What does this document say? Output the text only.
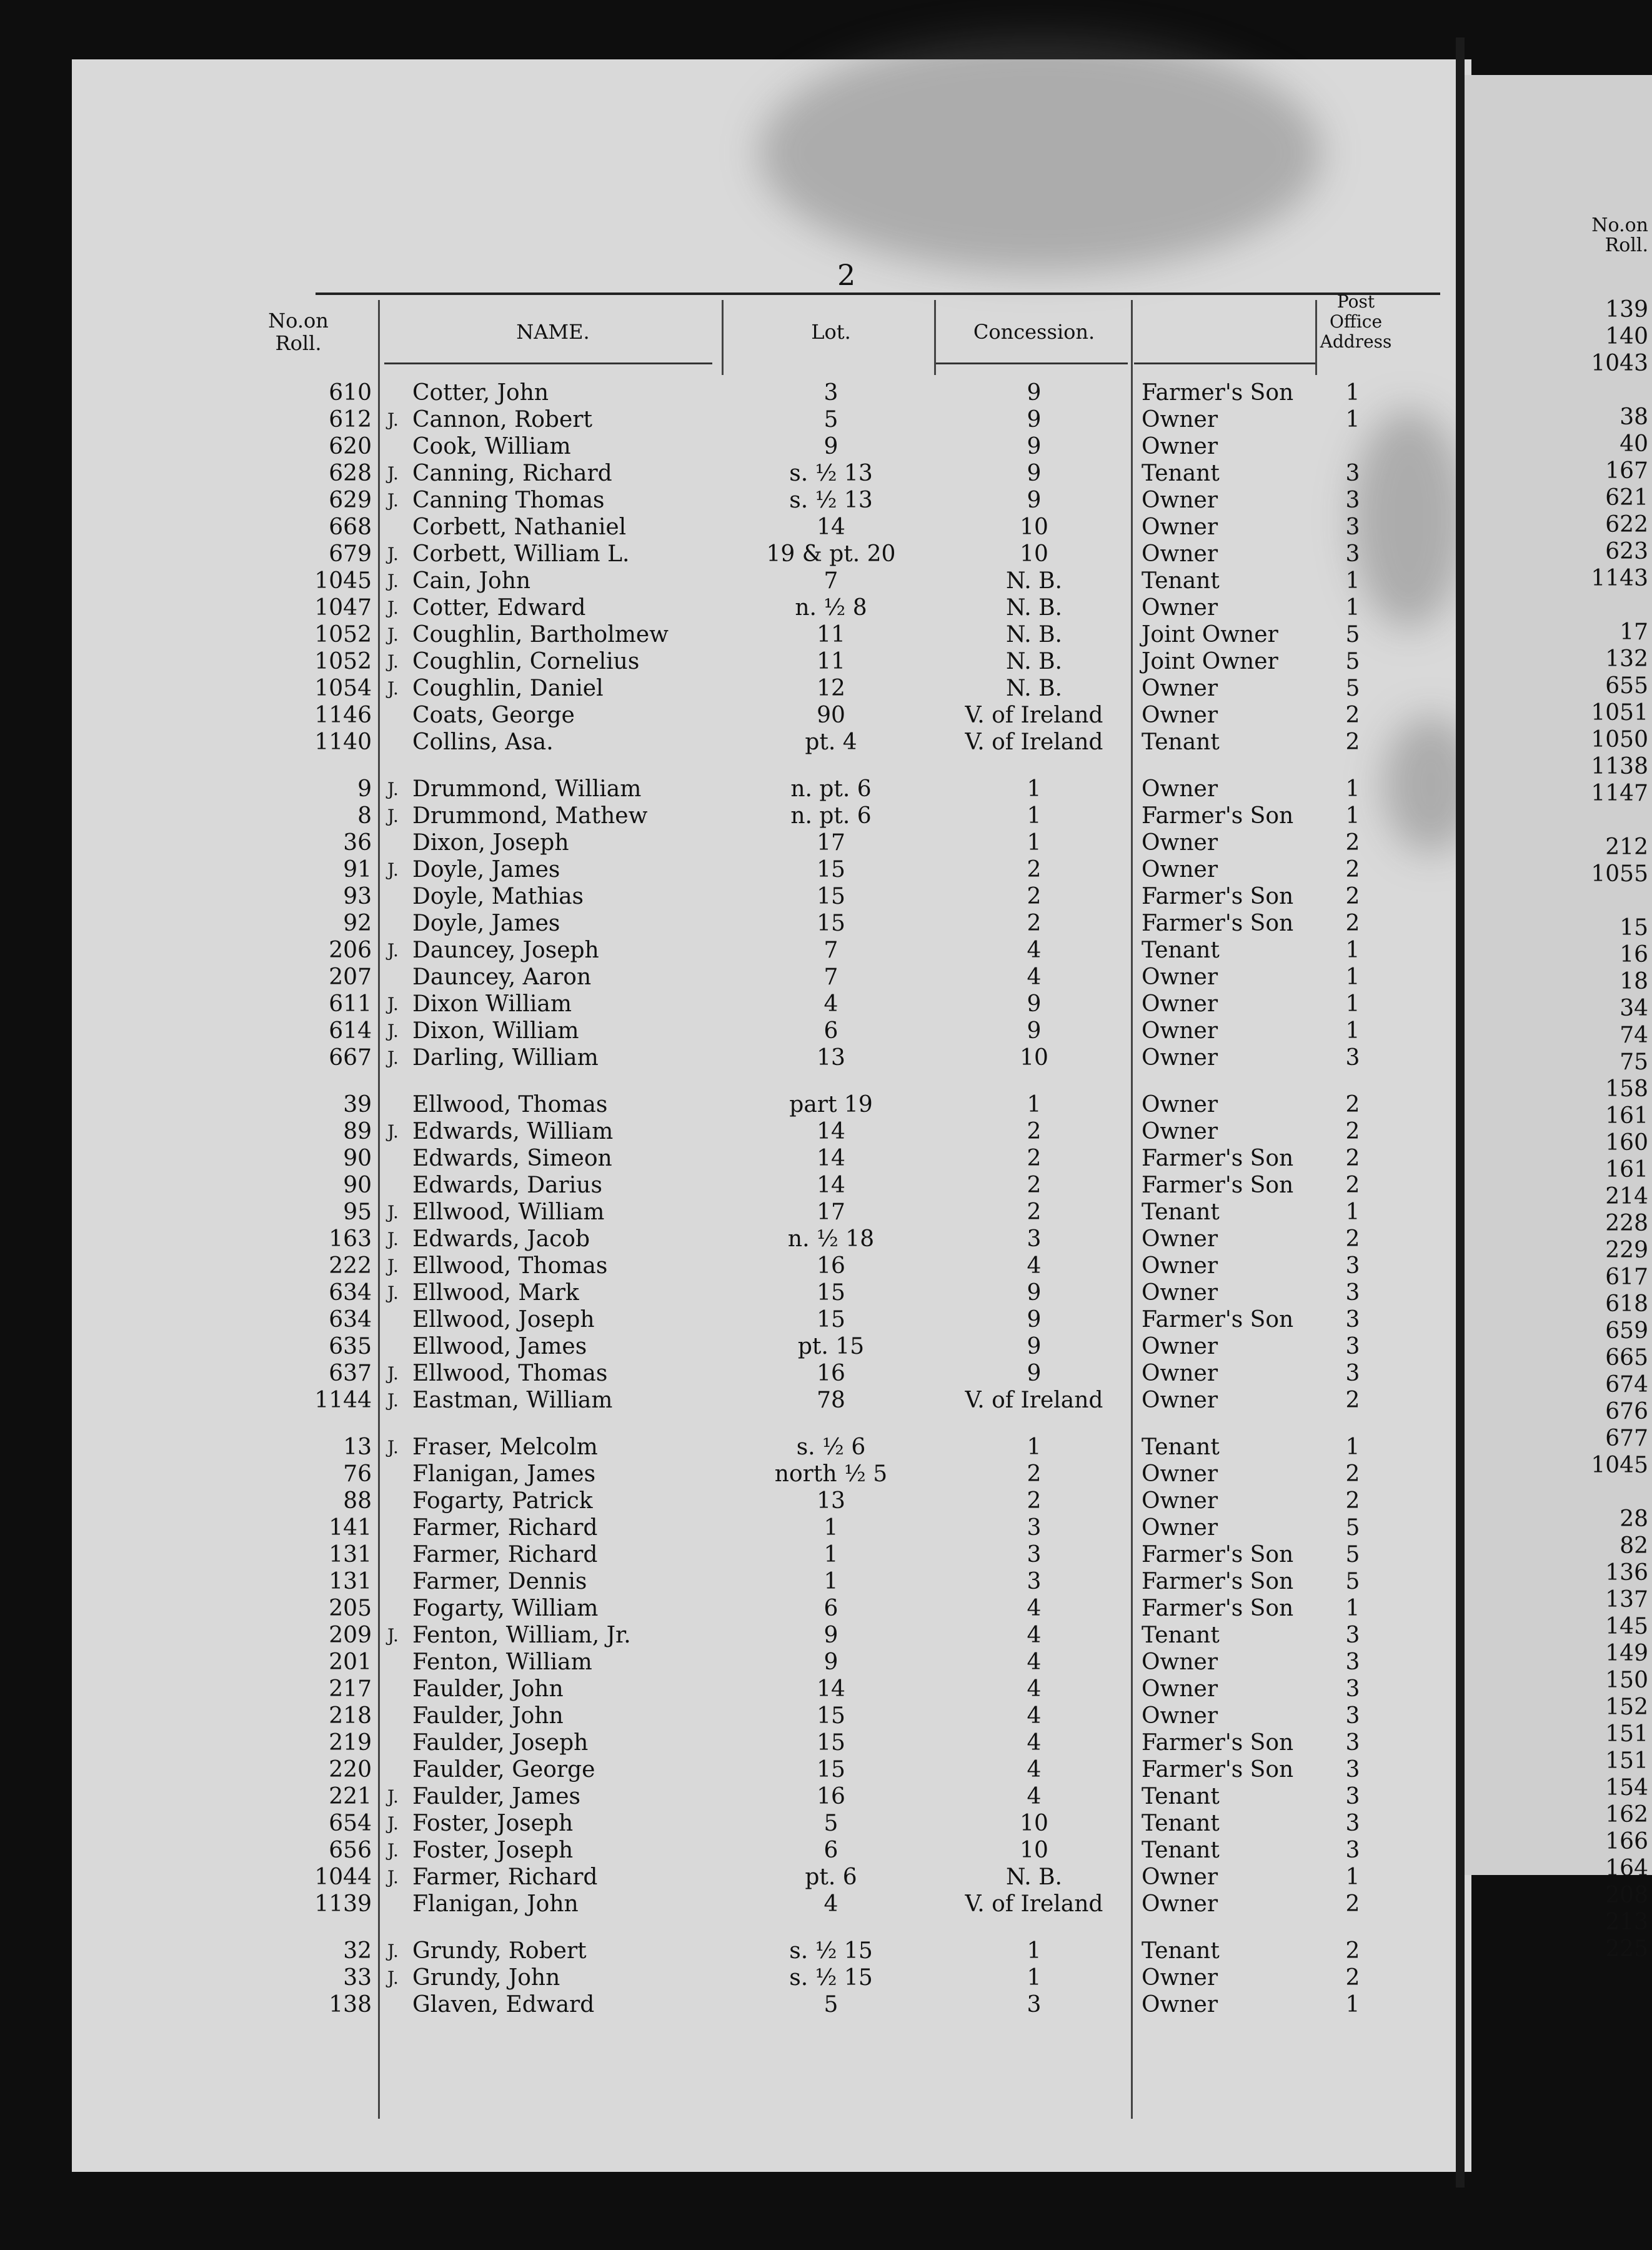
2
No.on
Roll.	NAME.	Lot.	Concession.
Post
Office
Address
610 Cotter, John	3	9	Farmer's Son	1
612 J. Cannon, Robert	5	9	Owner	1
620 Cook, William	9	9	Owner
628 J. Canning, Richard	s. ½ 13	9	Tenant	3
629 J. Canning Thomas	s. ½ 13	9	Owner	3
668 Corbett, Nathaniel	14	10	Owner	3
679 J. Corbett, William L.	19 & pt. 20	10	Owner	3
1045 J. Cain, John	7	N. B.	Tenant	1
1047 J. Cotter, Edward	n. ½ 8	N. B.	Owner	1
1052 J. Coughlin, Bartholmew	11	N. B.	Joint Owner	5
1052 J. Coughlin, Cornelius	11	N. B.	Joint Owner	5
1054 J. Coughlin, Daniel	12	N. B.	Owner	5
1146 Coats, George	90	V. of Ireland	Owner	2
1140 Collins, Asa.	pt. 4	V. of Ireland	Tenant	2
9 J. Drummond, William	n. pt. 6	1	Owner	1
8 J. Drummond, Mathew	n. pt. 6	1	Farmer's Son	1
36 Dixon, Joseph	17	1	Owner	2
91 J. Doyle, James	15	2	Owner	2
93 Doyle, Mathias	15	2	Farmer's Son	2
92 Doyle, James	15	2	Farmer's Son	2
206 J. Dauncey, Joseph	7	4	Tenant	1
207 Dauncey, Aaron	7	4	Owner	1
611 J. Dixon William	4	9	Owner	1
614 J. Dixon, William	6	9	Owner	1
667 J. Darling, William	13	10	Owner	3
39 Ellwood, Thomas	part 19	1	Owner	2
89 J. Edwards, William	14	2	Owner	2
90 Edwards, Simeon	14	2	Farmer's Son	2
90 Edwards, Darius	14	2	Farmer's Son	2
95 J. Ellwood, William	17	2	Tenant	1
163 J. Edwards, Jacob	n. ½ 18	3	Owner	2
222 J. Ellwood, Thomas	16	4	Owner	3
634 J. Ellwood, Mark	15	9	Owner	3
634 Ellwood, Joseph	15	9	Farmer's Son	3
635 Ellwood, James	pt. 15	9	Owner	3
637 J. Ellwood, Thomas	16	9	Owner	3
1144 J. Eastman, William	78	V. of Ireland	Owner	2
13 J. Fraser, Melcolm	s. ½ 6	1	Tenant	1
76 Flanigan, James	north ½ 5	2	Owner	2
88 Fogarty, Patrick	13	2	Owner	2
141 Farmer, Richard	1	3	Owner	5
131 Farmer, Richard	1	3	Farmer's Son	5
131 Farmer, Dennis	1	3	Farmer's Son	5
205 Fogarty, William	6	4	Farmer's Son	1
209 J. Fenton, William, Jr.	9	4	Tenant	3
201 Fenton, William	9	4	Owner	3
217 Faulder, John	14	4	Owner	3
218 Faulder, John	15	4	Owner	3
219 Faulder, Joseph	15	4	Farmer's Son	3
220 Faulder, George	15	4	Farmer's Son	3
221 J. Faulder, James	16	4	Tenant	3
654 J. Foster, Joseph	5	10	Tenant	3
656 J. Foster, Joseph	6	10	Tenant	3
1044 J. Farmer, Richard	pt. 6	N. B.	Owner	1
1139 Flanigan, John	4	V. of Ireland	Owner	2
32 J. Grundy, Robert	s. ½ 15	1	Tenant	2
33 J. Grundy, John	s. ½ 15	1	Owner	2
138 Glaven, Edward	5	3	Owner	1
No.on
Roll.
139
140
1043
38
40
167
621
622
623
1143
17
132
655
1051
1050
1138
1147
212
1055
15
16
18
34
74
75
158
161
160
161
214
228
229
617
618
659
665
674
676
677
1045
28
82
136
137
145
149
150
152
151
151
154
162
166
164
208
213
225
